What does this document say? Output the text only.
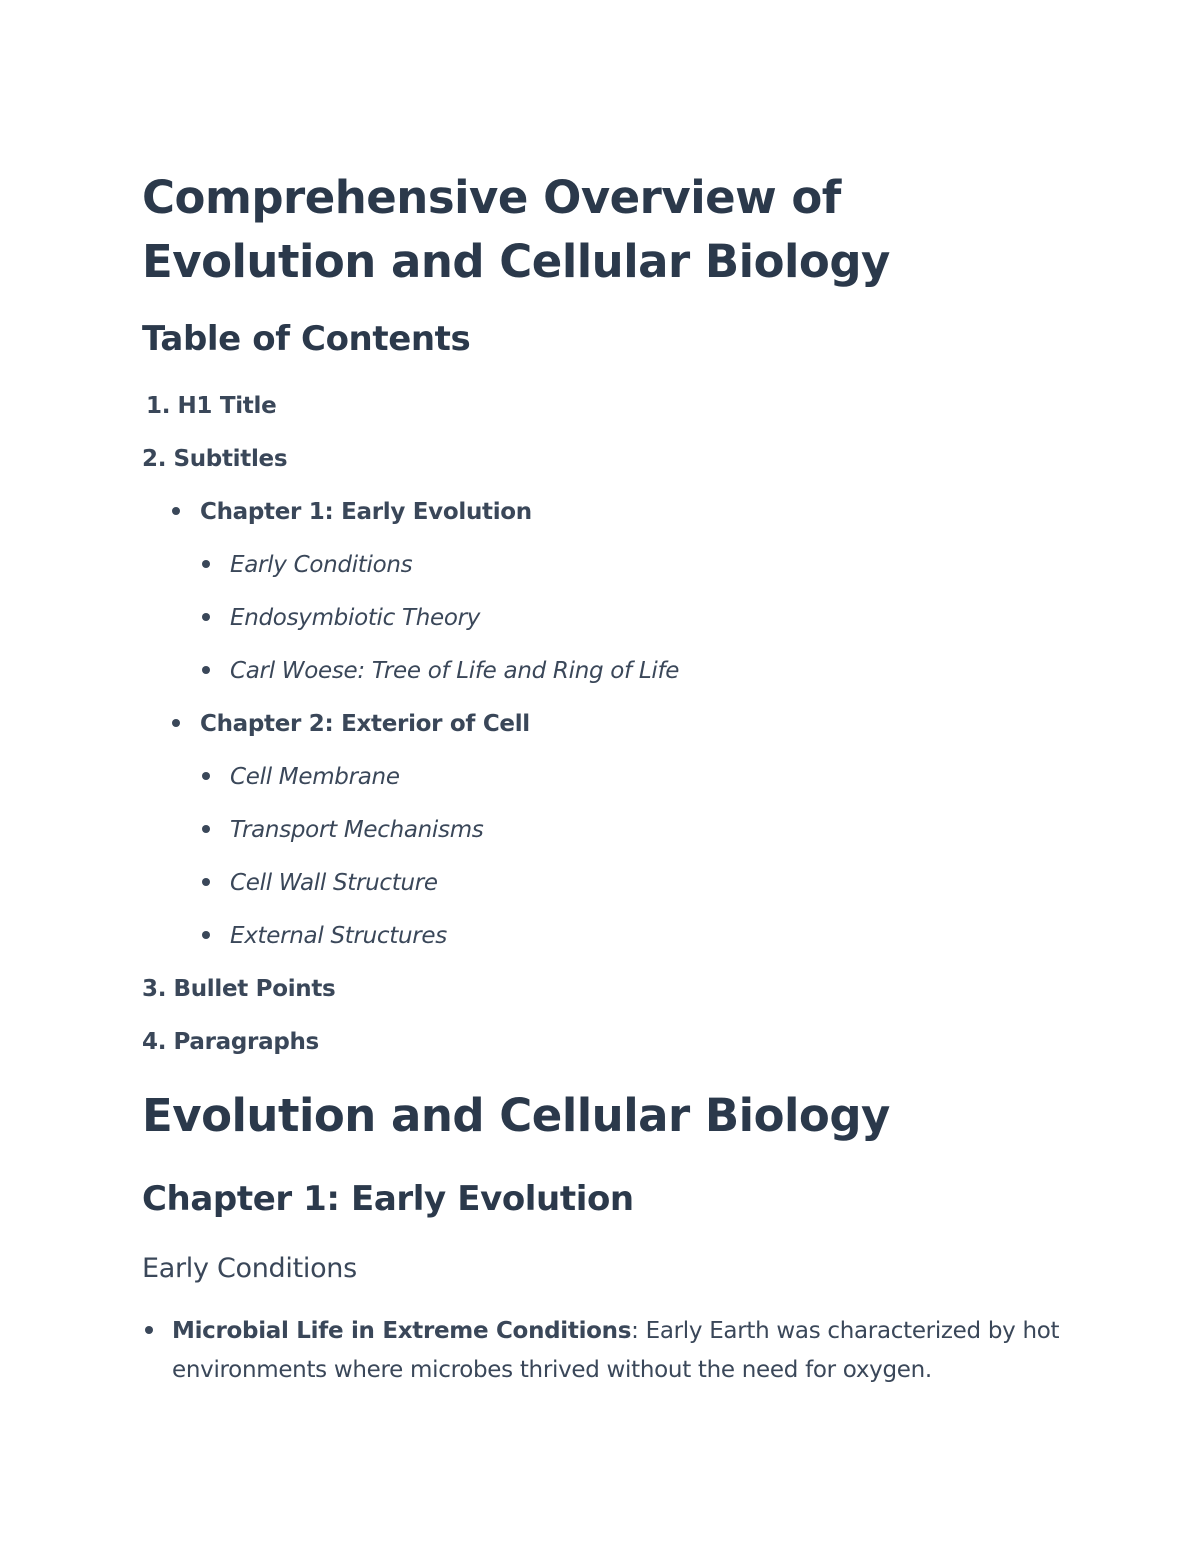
Comprehensive Overview of Evolution and Cellular Biology
Table of Contents

1. H1 Title

2. Subtitles

Chapter 1: Early Evolution

Early Conditions

Endosymbiotic Theory

Carl Woese: Tree of Life and Ring of Life

Chapter 2: Exterior of Cell

Cell Membrane

Transport Mechanisms

Cell Wall Structure

External Structures

3. Bullet Points

4. Paragraphs

Evolution and Cellular Biology
Chapter 1: Early Evolution
Early Conditions
Microbial Life in Extreme Conditions: Early Earth was characterized by hot environments where microbes thrived without the need for oxygen.
